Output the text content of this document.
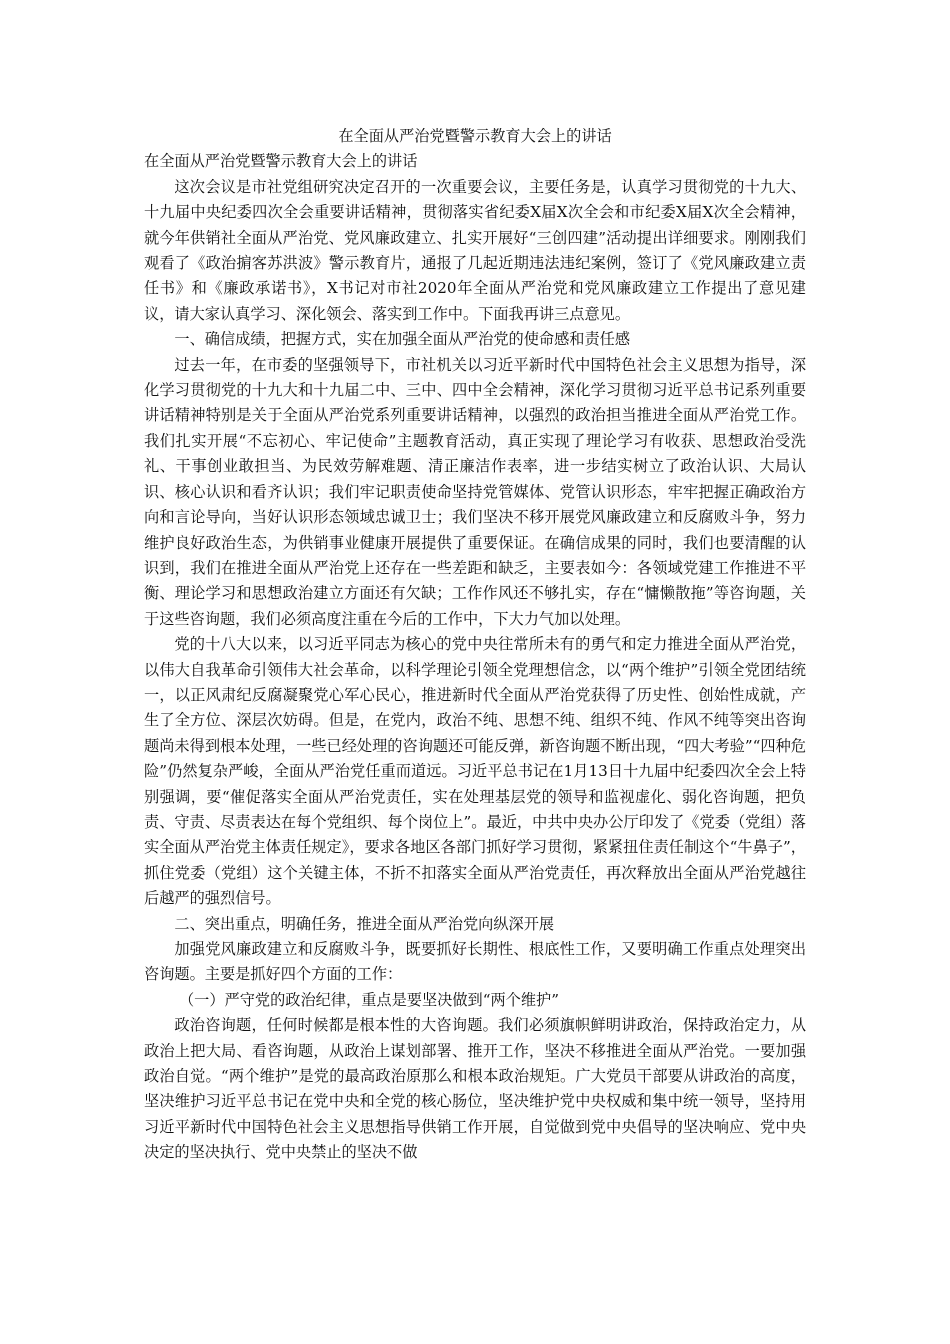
在全面从严治党暨警示教育大会上的讲话
在全面从严治党暨警示教育大会上的讲话

这次会议是市社党组研究决定召开的一次重要会议，主要任务是，认真学习贯彻党的十九大、十九届中央纪委四次全会重要讲话精神，贯彻落实省纪委X届X次全会和市纪委X届X次全会精神，就今年供销社全面从严治党、党风廉政建立、扎实开展好“三创四建”活动提出详细要求。刚刚我们观看了《政治掮客苏洪波》警示教育片，通报了几起近期违法违纪案例，签订了《党风廉政建立责任书》和《廉政承诺书》，X书记对市社2020年全面从严治党和党风廉政建立工作提出了意见建议，请大家认真学习、深化领会、落实到工作中。下面我再讲三点意见。

一、确信成绩，把握方式，实在加强全面从严治党的使命感和责任感

过去一年，在市委的坚强领导下，市社机关以习近平新时代中国特色社会主义思想为指导，深化学习贯彻党的十九大和十九届二中、三中、四中全会精神，深化学习贯彻习近平总书记系列重要讲话精神特别是关于全面从严治党系列重要讲话精神，以强烈的政治担当推进全面从严治党工作。我们扎实开展“不忘初心、牢记使命”主题教育活动，真正实现了理论学习有收获、思想政治受洗礼、干事创业敢担当、为民效劳解难题、清正廉洁作表率，进一步结实树立了政治认识、大局认识、核心认识和看齐认识；我们牢记职责使命坚持党管媒体、党管认识形态，牢牢把握正确政治方向和言论导向，当好认识形态领域忠诚卫士；我们坚决不移开展党风廉政建立和反腐败斗争，努力维护良好政治生态，为供销事业健康开展提供了重要保证。在确信成果的同时，我们也要清醒的认识到，我们在推进全面从严治党上还存在一些差距和缺乏，主要表如今：各领域党建工作推进不平衡、理论学习和思想政治建立方面还有欠缺；工作作风还不够扎实，存在“慵懒散拖”等咨询题，关于这些咨询题，我们必须高度注重在今后的工作中，下大力气加以处理。

党的十八大以来，以习近平同志为核心的党中央往常所未有的勇气和定力推进全面从严治党，以伟大自我革命引领伟大社会革命，以科学理论引领全党理想信念，以“两个维护”引领全党团结统一，以正风肃纪反腐凝聚党心军心民心，推进新时代全面从严治党获得了历史性、创始性成就，产生了全方位、深层次妨碍。但是，在党内，政治不纯、思想不纯、组织不纯、作风不纯等突出咨询题尚未得到根本处理，一些已经处理的咨询题还可能反弹，新咨询题不断出现，“四大考验”“四种危险”仍然复杂严峻，全面从严治党任重而道远。习近平总书记在1月13日十九届中纪委四次全会上特别强调，要“催促落实全面从严治党责任，实在处理基层党的领导和监视虚化、弱化咨询题，把负责、守责、尽责表达在每个党组织、每个岗位上”。最近，中共中央办公厅印发了《党委（党组）落实全面从严治党主体责任规定》，要求各地区各部门抓好学习贯彻，紧紧扭住责任制这个“牛鼻子”，抓住党委（党组）这个关键主体，不折不扣落实全面从严治党责任，再次释放出全面从严治党越往后越严的强烈信号。

二、突出重点，明确任务，推进全面从严治党向纵深开展

加强党风廉政建立和反腐败斗争，既要抓好长期性、根底性工作，又要明确工作重点处理突出咨询题。主要是抓好四个方面的工作：

（一）严守党的政治纪律，重点是要坚决做到“两个维护”

政治咨询题，任何时候都是根本性的大咨询题。我们必须旗帜鲜明讲政治，保持政治定力，从政治上把大局、看咨询题，从政治上谋划部署、推开工作，坚决不移推进全面从严治党。一要加强政治自觉。“两个维护”是党的最高政治原那么和根本政治规矩。广大党员干部要从讲政治的高度，坚决维护习近平总书记在党中央和全党的核心肠位，坚决维护党中央权威和集中统一领导，坚持用习近平新时代中国特色社会主义思想指导供销工作开展，自觉做到党中央倡导的坚决响应、党中央决定的坚决执行、党中央禁止的坚决不做
